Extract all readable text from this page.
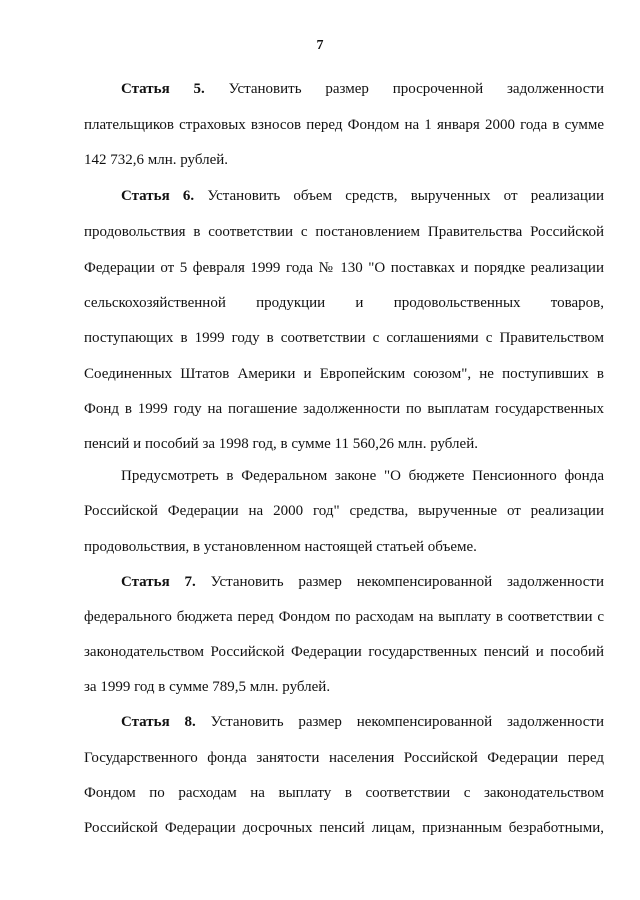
7
Статья 5. Установить размер просроченной задолженности
плательщиков страховых взносов перед Фондом на 1 января 2000 года в сумме
142 732,6 млн. рублей.
Статья 6. Установить объем средств, вырученных от реализации
продовольствия в соответствии с постановлением Правительства Российской
Федерации от 5 февраля 1999 года № 130 "О поставках и порядке реализации
сельскохозяйственной продукции и продовольственных товаров,
поступающих в 1999 году в соответствии с соглашениями с Правительством
Соединенных Штатов Америки и Европейским союзом", не поступивших в
Фонд в 1999 году на погашение задолженности по выплатам государственных
пенсий и пособий за 1998 год, в сумме 11 560,26 млн. рублей.
Предусмотреть в Федеральном законе "О бюджете Пенсионного фонда
Российской Федерации на 2000 год" средства, вырученные от реализации
продовольствия, в установленном настоящей статьей объеме.
Статья 7. Установить размер некомпенсированной задолженности
федерального бюджета перед Фондом по расходам на выплату в соответствии с
законодательством Российской Федерации государственных пенсий и пособий
за 1999 год в сумме 789,5 млн. рублей.
Статья 8. Установить размер некомпенсированной задолженности
Государственного фонда занятости населения Российской Федерации перед
Фондом по расходам на выплату в соответствии с законодательством
Российской Федерации досрочных пенсий лицам, признанным безработными,
